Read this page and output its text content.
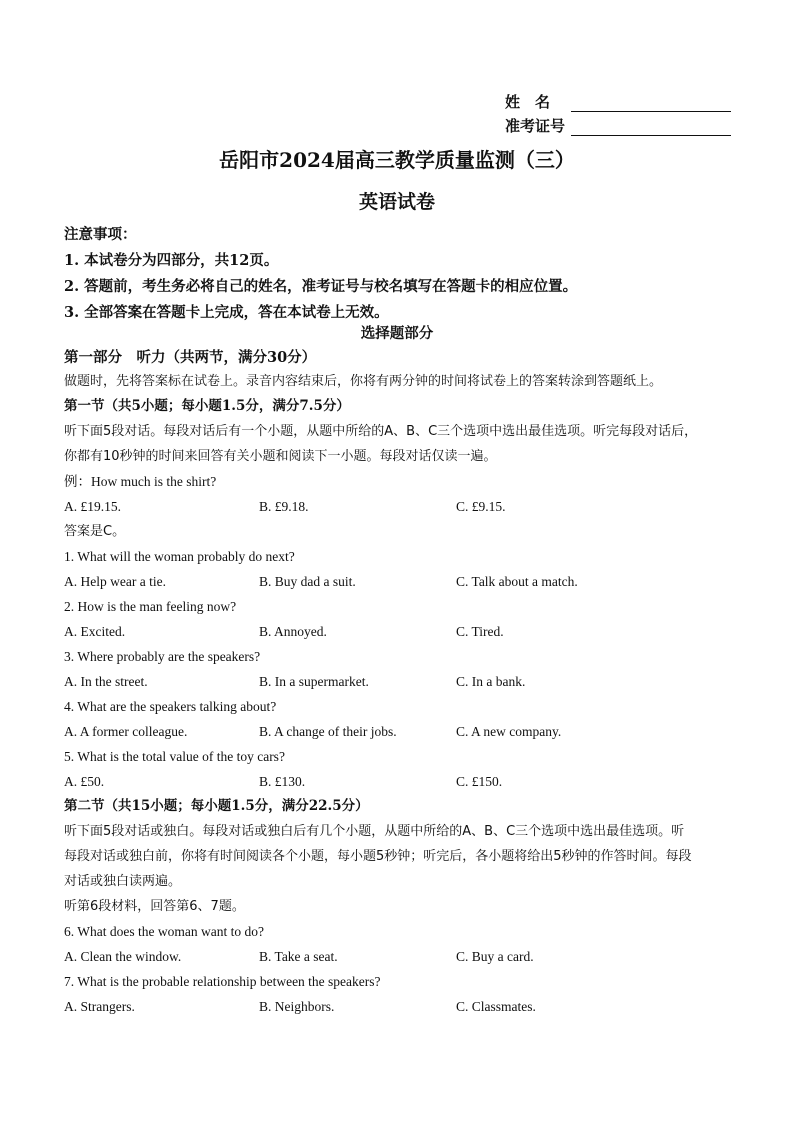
姓　名
准考证号
岳阳市2024届高三教学质量监测（三）
英语试卷
注意事项：
1. 本试卷分为四部分，共12页。
2. 答题前，考生务必将自己的姓名，准考证号与校名填写在答题卡的相应位置。
3. 全部答案在答题卡上完成，答在本试卷上无效。
选择题部分
第一部分　听力（共两节，满分30分）
做题时，先将答案标在试卷上。录音内容结束后，你将有两分钟的时间将试卷上的答案转涂到答题纸上。
第一节（共5小题；每小题1.5分，满分7.5分）
听下面5段对话。每段对话后有一个小题，从题中所给的A、B、C三个选项中选出最佳选项。听完每段对话后，
你都有10秒钟的时间来回答有关小题和阅读下一小题。每段对话仅读一遍。
例：How much is the shirt?
A. £19.15.	B. £9.18.	C. £9.15.
答案是C。
1. What will the woman probably do next?
A. Help wear a tie.	B. Buy dad a suit.	C. Talk about a match.
2. How is the man feeling now?
A. Excited.	B. Annoyed.	C. Tired.
3. Where probably are the speakers?
A. In the street.	B. In a supermarket.	C. In a bank.
4. What are the speakers talking about?
A. A former colleague.	B. A change of their jobs.	C. A new company.
5. What is the total value of the toy cars?
A. £50.	B. £130.	C. £150.
第二节（共15小题；每小题1.5分，满分22.5分）
听下面5段对话或独白。每段对话或独白后有几个小题，从题中所给的A、B、C三个选项中选出最佳选项。听
每段对话或独白前，你将有时间阅读各个小题，每小题5秒钟；听完后，各小题将给出5秒钟的作答时间。每段
对话或独白读两遍。
听第6段材料，回答第6、7题。
6. What does the woman want to do?
A. Clean the window.	B. Take a seat.	C. Buy a card.
7. What is the probable relationship between the speakers?
A. Strangers.	B. Neighbors.	C. Classmates.
